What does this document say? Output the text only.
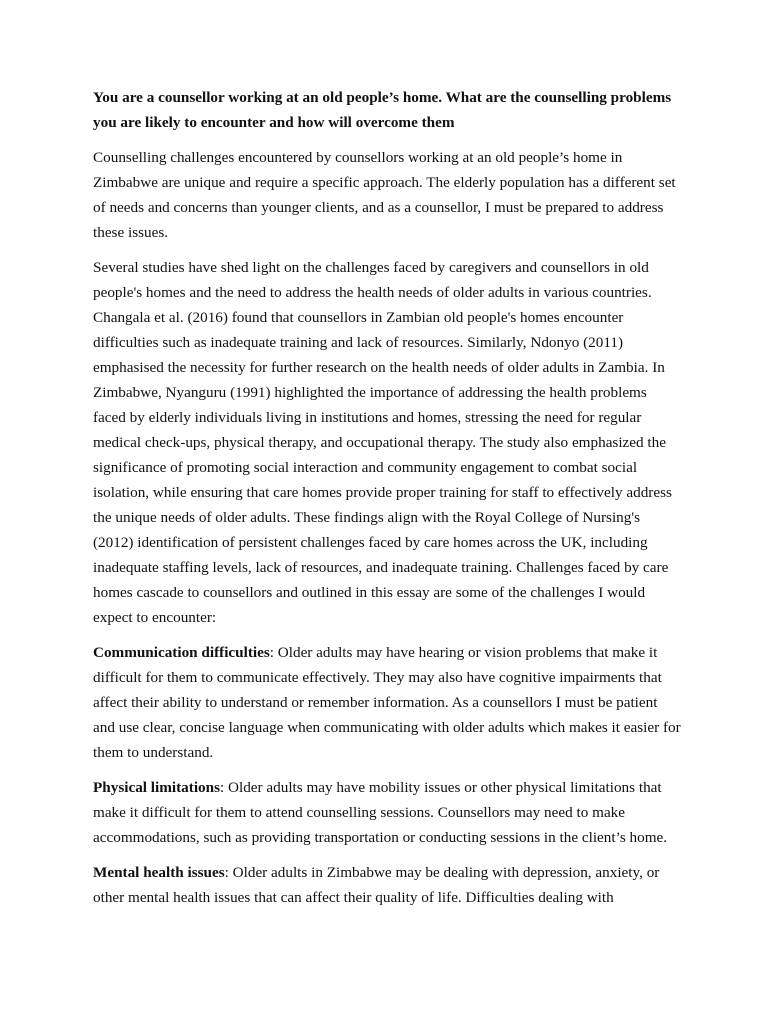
You are a counsellor working at an old people’s home. What are the counselling problems you are likely to encounter and how will overcome them

Counselling challenges encountered by counsellors working at an old people’s home in Zimbabwe are unique and require a specific approach. The elderly population has a different set of needs and concerns than younger clients, and as a counsellor, I must be prepared to address these issues.

Several studies have shed light on the challenges faced by caregivers and counsellors in old people's homes and the need to address the health needs of older adults in various countries. Changala et al. (2016) found that counsellors in Zambian old people's homes encounter difficulties such as inadequate training and lack of resources. Similarly, Ndonyo (2011) emphasised the necessity for further research on the health needs of older adults in Zambia. In Zimbabwe, Nyanguru (1991) highlighted the importance of addressing the health problems faced by elderly individuals living in institutions and homes, stressing the need for regular medical check-ups, physical therapy, and occupational therapy. The study also emphasized the significance of promoting social interaction and community engagement to combat social isolation, while ensuring that care homes provide proper training for staff to effectively address the unique needs of older adults. These findings align with the Royal College of Nursing's (2012) identification of persistent challenges faced by care homes across the UK, including inadequate staffing levels, lack of resources, and inadequate training. Challenges faced by care homes cascade to counsellors and outlined in this essay are some of the challenges I would expect to encounter:

Communication difficulties: Older adults may have hearing or vision problems that make it difficult for them to communicate effectively. They may also have cognitive impairments that affect their ability to understand or remember information. As a counsellors I must be patient and use clear, concise language when communicating with older adults which makes it easier for them to understand.

Physical limitations: Older adults may have mobility issues or other physical limitations that make it difficult for them to attend counselling sessions. Counsellors may need to make accommodations, such as providing transportation or conducting sessions in the client’s home.

Mental health issues: Older adults in Zimbabwe may be dealing with depression, anxiety, or other mental health issues that can affect their quality of life. Difficulties dealing with
